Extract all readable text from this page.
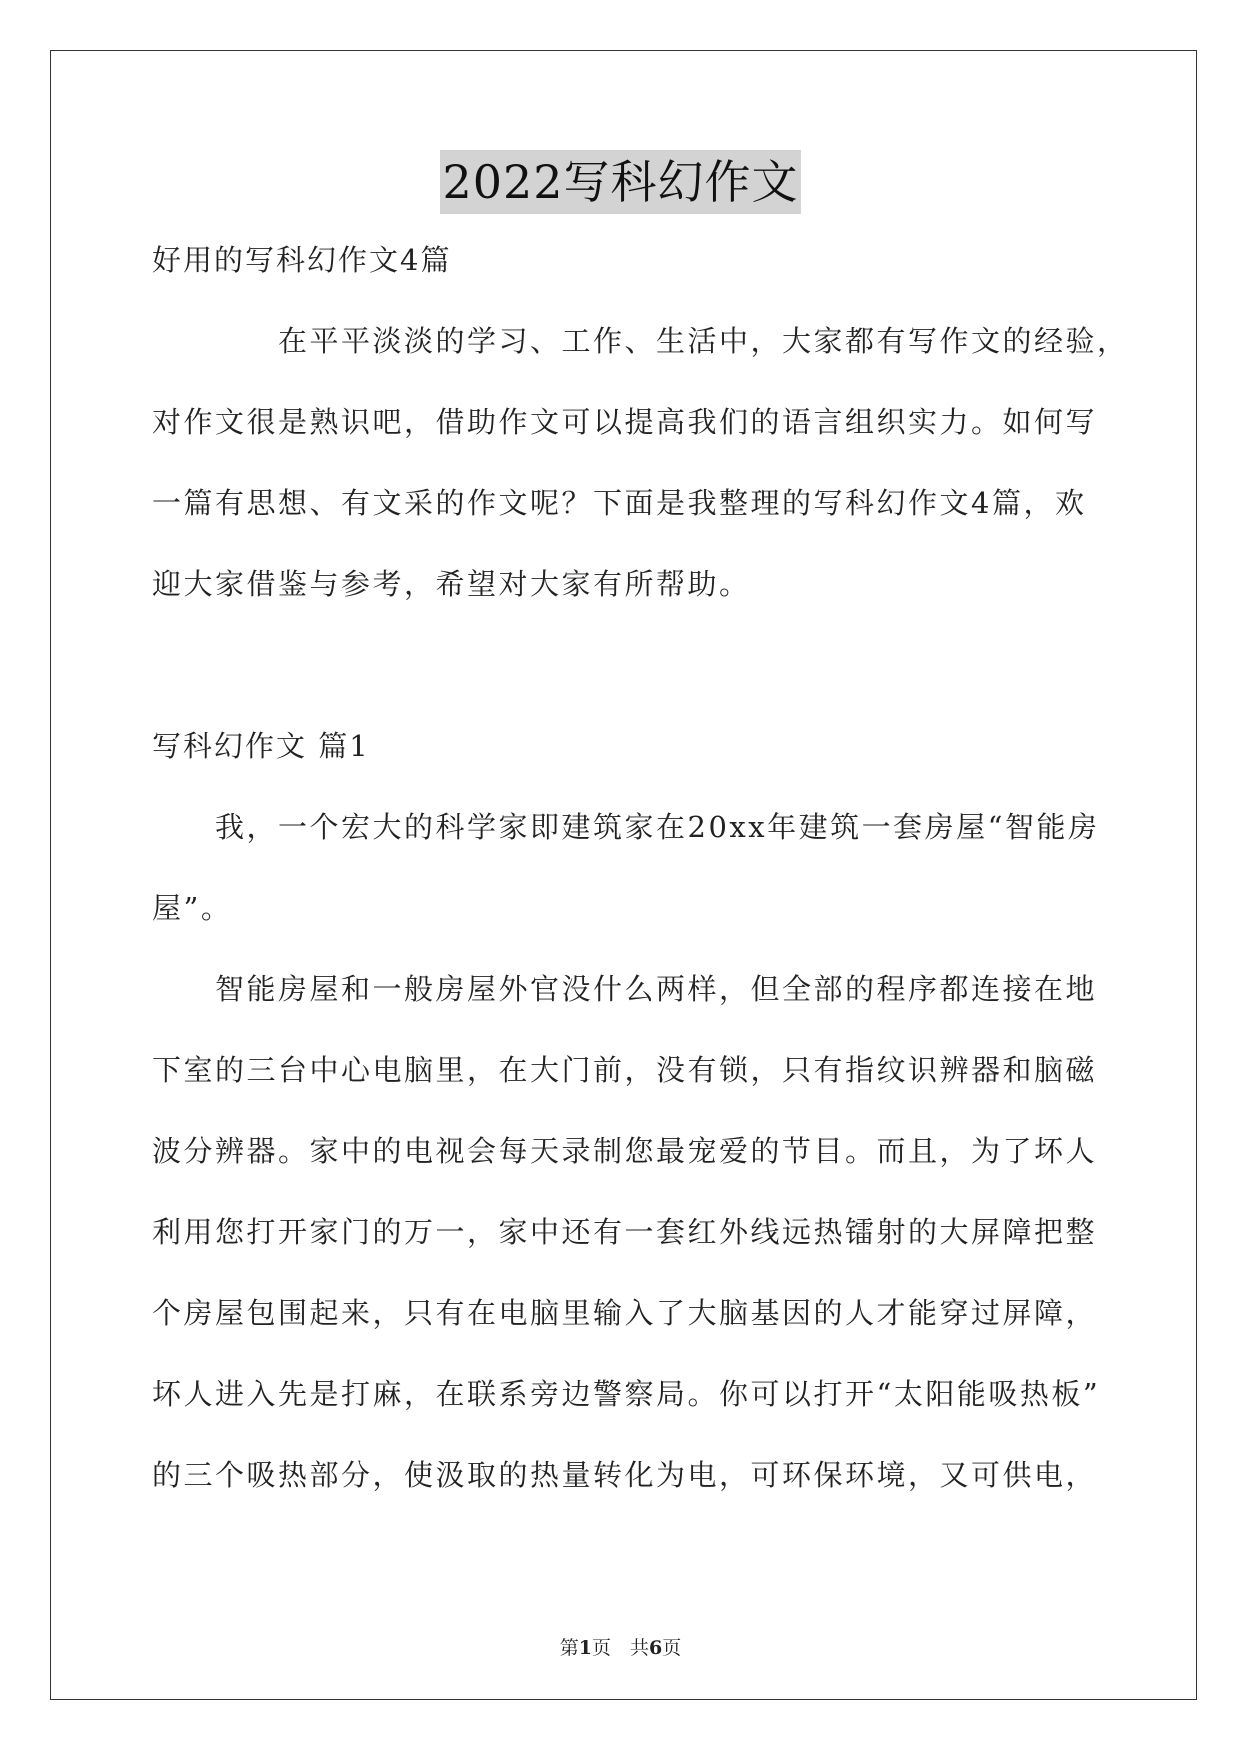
2022写科幻作文
好用的写科幻作文4篇
在平平淡淡的学习、工作、生活中，大家都有写作文的经验，
对作文很是熟识吧，借助作文可以提高我们的语言组织实力。如何写
一篇有思想、有文采的作文呢？下面是我整理的写科幻作文4篇，欢
迎大家借鉴与参考，希望对大家有所帮助。
写科幻作文 篇1
我，一个宏大的科学家即建筑家在20xx年建筑一套房屋“智能房
屋”。
智能房屋和一般房屋外官没什么两样，但全部的程序都连接在地
下室的三台中心电脑里，在大门前，没有锁，只有指纹识辨器和脑磁
波分辨器。家中的电视会每天录制您最宠爱的节目。而且，为了坏人
利用您打开家门的万一，家中还有一套红外线远热镭射的大屏障把整
个房屋包围起来，只有在电脑里输入了大脑基因的人才能穿过屏障，
坏人进入先是打麻，在联系旁边警察局。你可以打开“太阳能吸热板”
的三个吸热部分，使汲取的热量转化为电，可环保环境，又可供电，
第1页　共6页
